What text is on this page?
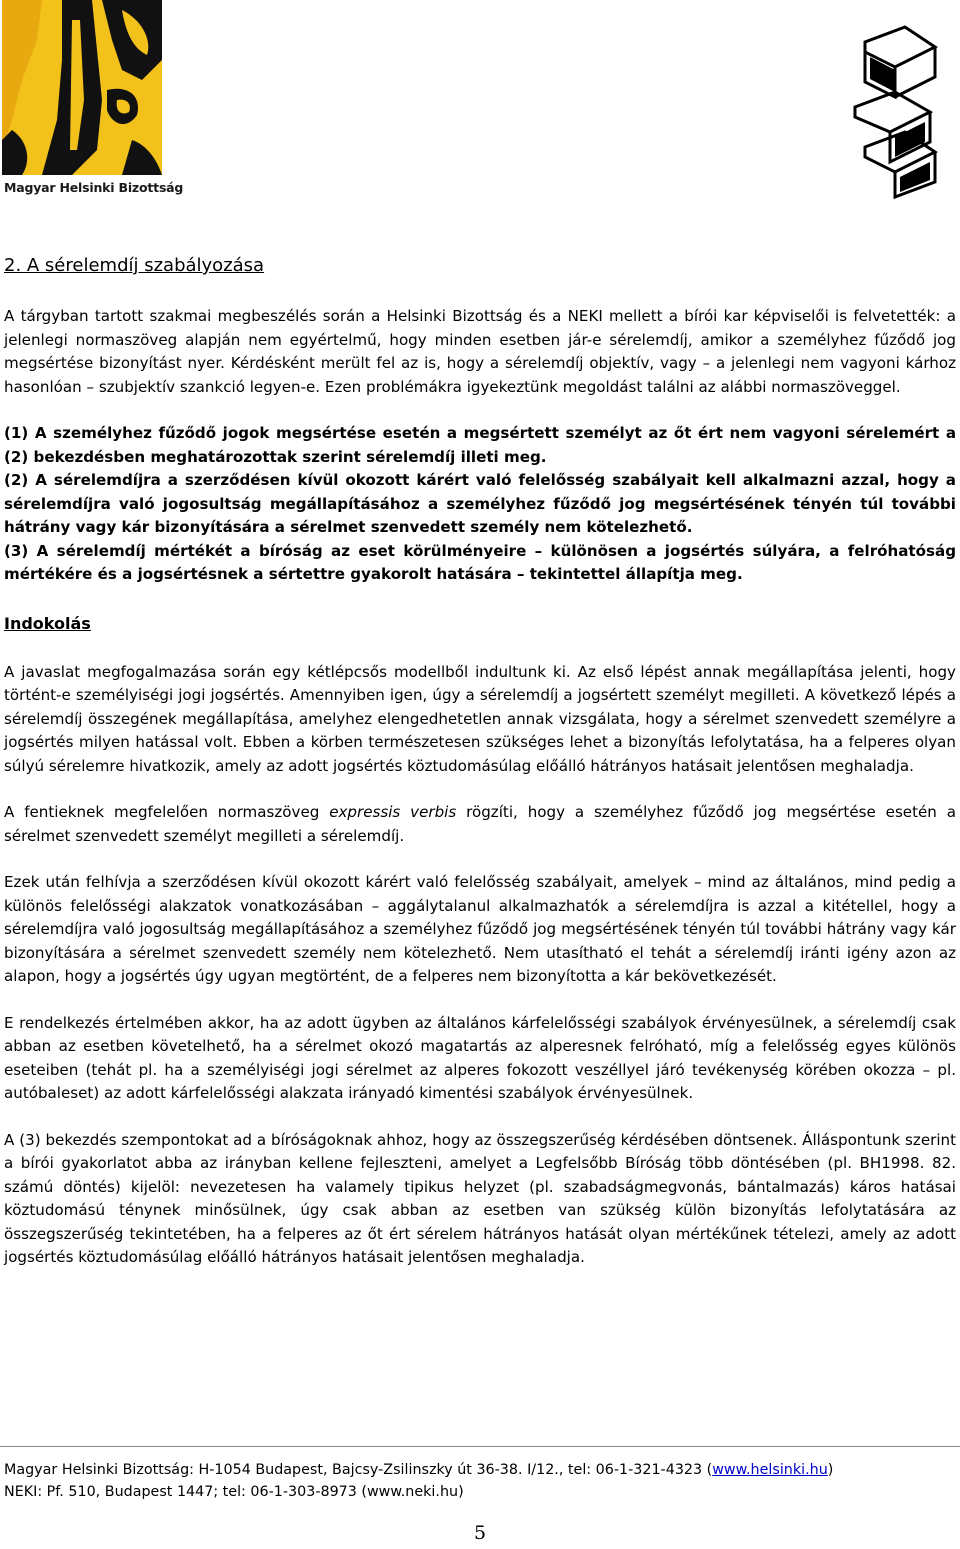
Magyar Helsinki Bizottság
2. A sérelemdíj szabályozása

A tárgyban tartott szakmai megbeszélés során a Helsinki Bizottság és a NEKI mellett a bírói kar képviselői is felvetették: a jelenlegi normaszöveg alapján nem egyértelmű, hogy minden esetben jár-e sérelemdíj, amikor a személyhez fűződő jog megsértése bizonyítást nyer. Kérdésként merült fel az is, hogy a sérelemdíj objektív, vagy – a jelenlegi nem vagyoni kárhoz hasonlóan – szubjektív szankció legyen-e. Ezen problémákra igyekeztünk megoldást találni az alábbi normaszöveggel.

(1) A személyhez fűződő jogok megsértése esetén a megsértett személyt az őt ért nem vagyoni sérelemért a (2) bekezdésben meghatározottak szerint sérelemdíj illeti meg.

(2) A sérelemdíjra a szerződésen kívül okozott kárért való felelősség szabályait kell alkalmazni azzal, hogy a sérelemdíjra való jogosultság megállapításához a személyhez fűződő jog megsértésének tényén túl további hátrány vagy kár bizonyítására a sérelmet szenvedett személy nem kötelezhető.

(3) A sérelemdíj mértékét a bíróság az eset körülményeire – különösen a jogsértés súlyára, a felróhatóság mértékére és a jogsértésnek a sértettre gyakorolt hatására – tekintettel állapítja meg.

Indokolás

A javaslat megfogalmazása során egy kétlépcsős modellből indultunk ki. Az első lépést annak megállapítása jelenti, hogy történt-e személyiségi jogi jogsértés. Amennyiben igen, úgy a sérelemdíj a jogsértett személyt megilleti. A következő lépés a sérelemdíj összegének megállapítása, amelyhez elengedhetetlen annak vizsgálata, hogy a sérelmet szenvedett személyre a jogsértés milyen hatással volt. Ebben a körben természetesen szükséges lehet a bizonyítás lefolytatása, ha a felperes olyan súlyú sérelemre hivatkozik, amely az adott jogsértés köztudomásúlag előálló hátrányos hatásait jelentősen meghaladja.

A fentieknek megfelelően normaszöveg expressis verbis rögzíti, hogy a személyhez fűződő jog megsértése esetén a sérelmet szenvedett személyt megilleti a sérelemdíj.

Ezek után felhívja a szerződésen kívül okozott kárért való felelősség szabályait, amelyek – mind az általános, mind pedig a különös felelősségi alakzatok vonatkozásában – aggálytalanul alkalmazhatók a sérelemdíjra is azzal a kitétellel, hogy a sérelemdíjra való jogosultság megállapításához a személyhez fűződő jog megsértésének tényén túl további hátrány vagy kár bizonyítására a sérelmet szenvedett személy nem kötelezhető. Nem utasítható el tehát a sérelemdíj iránti igény azon az alapon, hogy a jogsértés úgy ugyan megtörtént, de a felperes nem bizonyította a kár bekövetkezését.

E rendelkezés értelmében akkor, ha az adott ügyben az általános kárfelelősségi szabályok érvényesülnek, a sérelemdíj csak abban az esetben követelhető, ha a sérelmet okozó magatartás az alperesnek felróható, míg a felelősség egyes különös eseteiben (tehát pl. ha a személyiségi jogi sérelmet az alperes fokozott veszéllyel járó tevékenység körében okozza – pl. autóbaleset) az adott kárfelelősségi alakzata irányadó kimentési szabályok érvényesülnek.

A (3) bekezdés szempontokat ad a bíróságoknak ahhoz, hogy az összegszerűség kérdésében döntsenek. Álláspontunk szerint a bírói gyakorlatot abba az irányban kellene fejleszteni, amelyet a Legfelsőbb Bíróság több döntésében (pl. BH1998. 82. számú döntés) kijelöl: nevezetesen ha valamely tipikus helyzet (pl. szabadságmegvonás, bántalmazás) káros hatásai köztudomású ténynek minősülnek, úgy csak abban az esetben van szükség külön bizonyítás lefolytatására az összegszerűség tekintetében, ha a felperes az őt ért sérelem hátrányos hatását olyan mértékűnek tételezi, amely az adott jogsértés köztudomásúlag előálló hátrányos hatásait jelentősen meghaladja.

Magyar Helsinki Bizottság: H-1054 Budapest, Bajcsy-Zsilinszky út 36-38. I/12., tel: 06-1-321-4323 (www.helsinki.hu)
NEKI: Pf. 510, Budapest 1447; tel: 06-1-303-8973 (www.neki.hu)
5
